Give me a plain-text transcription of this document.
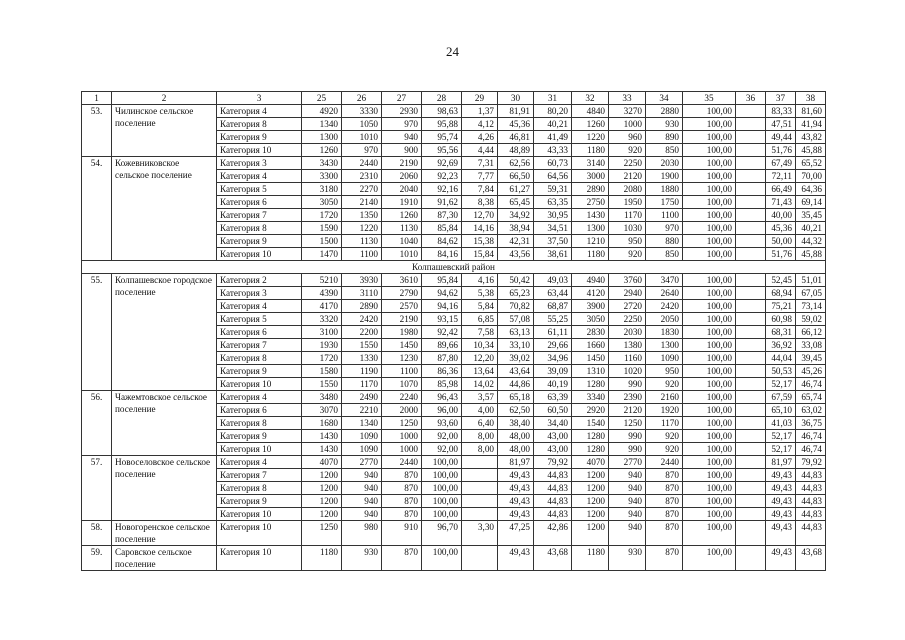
24
1	2	3	25	26	27	28	29	30	31	32	33	34	35	36	37	38
53.	Чилинское сельское поселение	Категория 4	4920	3330	2930	98,63	1,37	81,91	80,20	4840	3270	2880	100,00		83,33	81,60
		Категория 8	1340	1050	970	95,88	4,12	45,36	40,21	1260	1000	930	100,00		47,51	41,94
		Категория 9	1300	1010	940	95,74	4,26	46,81	41,49	1220	960	890	100,00		49,44	43,82
		Категория 10	1260	970	900	95,56	4,44	48,89	43,33	1180	920	850	100,00		51,76	45,88
54.	Кожевниковское сельское поселение	Категория 3	3430	2440	2190	92,69	7,31	62,56	60,73	3140	2250	2030	100,00		67,49	65,52
		Категория 4	3300	2310	2060	92,23	7,77	66,50	64,56	3000	2120	1900	100,00		72,11	70,00
		Категория 5	3180	2270	2040	92,16	7,84	61,27	59,31	2890	2080	1880	100,00		66,49	64,36
		Категория 6	3050	2140	1910	91,62	8,38	65,45	63,35	2750	1950	1750	100,00		71,43	69,14
		Категория 7	1720	1350	1260	87,30	12,70	34,92	30,95	1430	1170	1100	100,00		40,00	35,45
		Категория 8	1590	1220	1130	85,84	14,16	38,94	34,51	1300	1030	970	100,00		45,36	40,21
		Категория 9	1500	1130	1040	84,62	15,38	42,31	37,50	1210	950	880	100,00		50,00	44,32
		Категория 10	1470	1100	1010	84,16	15,84	43,56	38,61	1180	920	850	100,00		51,76	45,88
Колпашевский район																
55.	Колпашевское городское поселение	Категория 2	5210	3930	3610	95,84	4,16	50,42	49,03	4940	3760	3470	100,00		52,45	51,01
		Категория 3	4390	3110	2790	94,62	5,38	65,23	63,44	4120	2940	2640	100,00		68,94	67,05
		Категория 4	4170	2890	2570	94,16	5,84	70,82	68,87	3900	2720	2420	100,00		75,21	73,14
		Категория 5	3320	2420	2190	93,15	6,85	57,08	55,25	3050	2250	2050	100,00		60,98	59,02
		Категория 6	3100	2200	1980	92,42	7,58	63,13	61,11	2830	2030	1830	100,00		68,31	66,12
		Категория 7	1930	1550	1450	89,66	10,34	33,10	29,66	1660	1380	1300	100,00		36,92	33,08
		Категория 8	1720	1330	1230	87,80	12,20	39,02	34,96	1450	1160	1090	100,00		44,04	39,45
		Категория 9	1580	1190	1100	86,36	13,64	43,64	39,09	1310	1020	950	100,00		50,53	45,26
		Категория 10	1550	1170	1070	85,98	14,02	44,86	40,19	1280	990	920	100,00		52,17	46,74
56.	Чажемтовское сельское поселение	Категория 4	3480	2490	2240	96,43	3,57	65,18	63,39	3340	2390	2160	100,00		67,59	65,74
		Категория 6	3070	2210	2000	96,00	4,00	62,50	60,50	2920	2120	1920	100,00		65,10	63,02
		Категория 8	1680	1340	1250	93,60	6,40	38,40	34,40	1540	1250	1170	100,00		41,03	36,75
		Категория 9	1430	1090	1000	92,00	8,00	48,00	43,00	1280	990	920	100,00		52,17	46,74
		Категория 10	1430	1090	1000	92,00	8,00	48,00	43,00	1280	990	920	100,00		52,17	46,74
57.	Новоселовское сельское поселение	Категория 4	4070	2770	2440	100,00		81,97	79,92	4070	2770	2440	100,00		81,97	79,92
		Категория 7	1200	940	870	100,00		49,43	44,83	1200	940	870	100,00		49,43	44,83
		Категория 8	1200	940	870	100,00		49,43	44,83	1200	940	870	100,00		49,43	44,83
		Категория 9	1200	940	870	100,00		49,43	44,83	1200	940	870	100,00		49,43	44,83
		Категория 10	1200	940	870	100,00		49,43	44,83	1200	940	870	100,00		49,43	44,83
58.	Новогоренское сельское поселение	Категория 10	1250	980	910	96,70	3,30	47,25	42,86	1200	940	870	100,00		49,43	44,83
59.	Саровское сельское поселение	Категория 10	1180	930	870	100,00		49,43	43,68	1180	930	870	100,00		49,43	43,68
